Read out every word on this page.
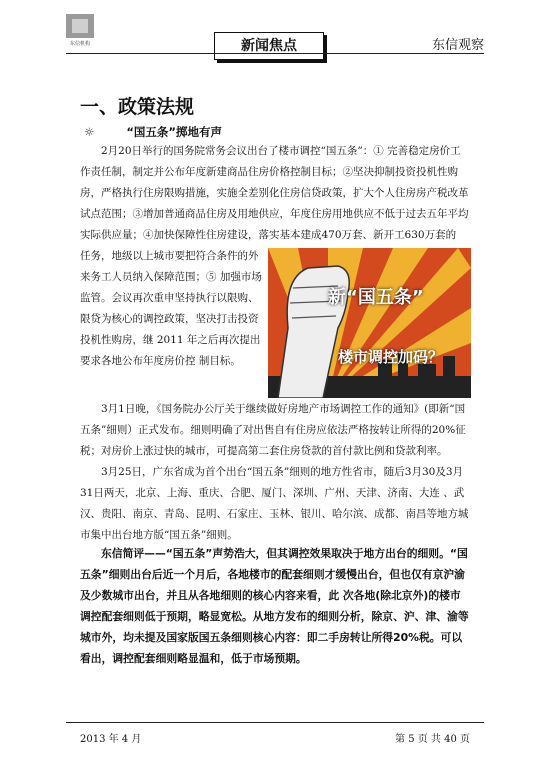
东信机构	新闻焦点	东信观察
一、政策法规
☼	“国五条”掷地有声

2月20日举行的国务院常务会议出台了楼市调控“国五条”：① 完善稳定房价工作责任制，制定并公布年度新建商品住房价格控制目标；②坚决抑制投资投机性购房，严格执行住房限购措施，实施全差别化住房信贷政策，扩大个人住房房产税改革试点范围；③增加普通商品住房及用地供应，年度住房用地供应不低于过去五年平均实际供应量；④加快保障性住房建设，落实基本建成470万套、新开工630万套的

任务，地级以上城市要把符合条件的外来务工人员纳入保障范围；⑤ 加强市场监管。会议再次重申坚持执行以限购、限贷为核心的调控政策，坚决打击投资投机性购房，继 2011 年之后再次提出要求各地公布年度房价控 制目标。
新“国五条”
楼市调控加码？

3月1日晚，《国务院办公厅关于继续做好房地产市场调控工作的通知》(即新“国五条”细则）正式发布。细则明确了对出售自有住房应依法严格按转让所得的20%征税；对房价上涨过快的城市，可提高第二套住房贷款的首付款比例和贷款利率。

3月25日，广东省成为首个出台“国五条”细则的地方性省市，随后3月30及3月31日两天，北京、上海、重庆、合肥、厦门、深圳、广州、天津、济南、大连 、武汉、贵阳、南京、青岛、昆明、石家庄、玉林、银川、哈尔滨、成都、南昌等地方城市集中出台地方版“国五条”细则。

东信简评——“国五条”声势浩大，但其调控效果取决于地方出台的细则。“国五条”细则出台后近一个月后，各地楼市的配套细则才缓慢出台，但也仅有京沪渝及少数城市出台，并且从各地细则的核心内容来看，此 次各地(除北京外)的楼市调控配套细则低于预期，略显宽松。从地方发布的细则分析，除京、沪、津、渝等城市外，均未提及国家版国五条细则核心内容：即二手房转让所得20%税。可以看出，调控配套细则略显温和，低于市场预期。

2013 年 4 月	第 5 页 共 40 页
